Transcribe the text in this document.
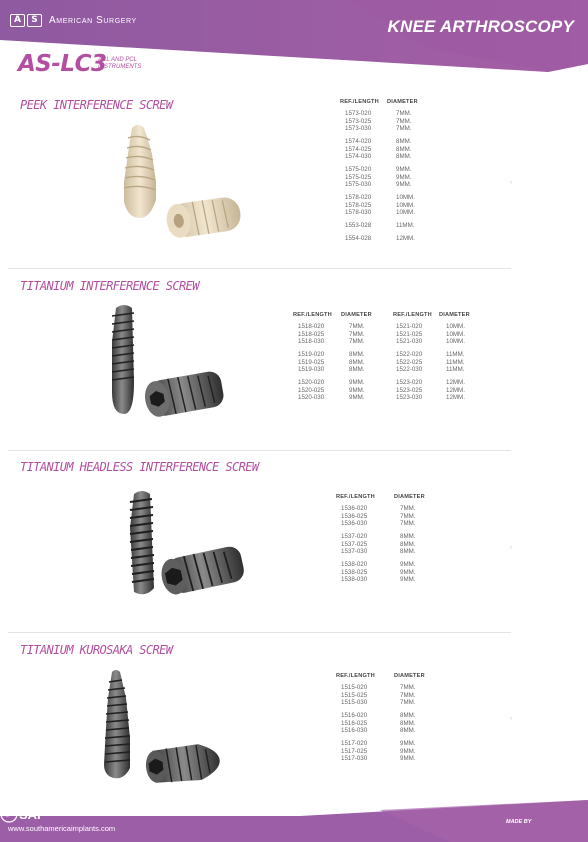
A	S	American Surgery	KNEE ARTHROSCOPY
AS-LC3
ACL AND PCL INSTRUMENTS
PEEK INTERFERENCE SCREW	REF./LENGTH DIAMETER
1573-020	7MM.
1573-025	7MM.
1573-030	7MM.
1574-020	8MM.
1574-025	8MM.
1574-030	8MM.
1575-020	9MM.
1575-025	9MM.
1575-030	9MM.
1578-020	10MM.
1578-025	10MM.
1578-030	10MM.
1553-028	11MM.
1554-028	12MM.
‹
TITANIUM INTERFERENCE SCREW
REF./LENGTH DIAMETER	REF./LENGTH DIAMETER
1518-020	7MM.
1518-025	7MM.
1518-030	7MM.
1519-020	8MM.
1519-025	8MM.
1519-030	8MM.
1520-020	9MM.
1520-025	9MM.
1520-030	9MM.
1521-020	10MM.
1521-025	10MM.
1521-030	10MM.
1522-020	11MM.
1522-025	11MM.
1522-030	11MM.
1523-020	12MM.
1523-025	12MM.
1523-030	12MM.
TITANIUM HEADLESS INTERFERENCE SCREW
REF./LENGTH	DIAMETER
1536-020	7MM.
1536-025	7MM.
1536-030	7MM.
1537-020	8MM.
1537-025	8MM.
1537-030	8MM.
1538-020	9MM.
1538-025	9MM.
1538-030	9MM.
‹
TITANIUM KUROSAKA SCREW
REF./LENGTH	DIAMETER
1515-020	7MM.
1515-025	7MM.
1515-030	7MM.
1516-020	8MM.
1516-025	8MM.
1516-030	8MM.
1517-020	9MM.
1517-025	9MM.
1517-030	9MM.
‹
www.southamericaimplants.com
MADE BY
SAI
